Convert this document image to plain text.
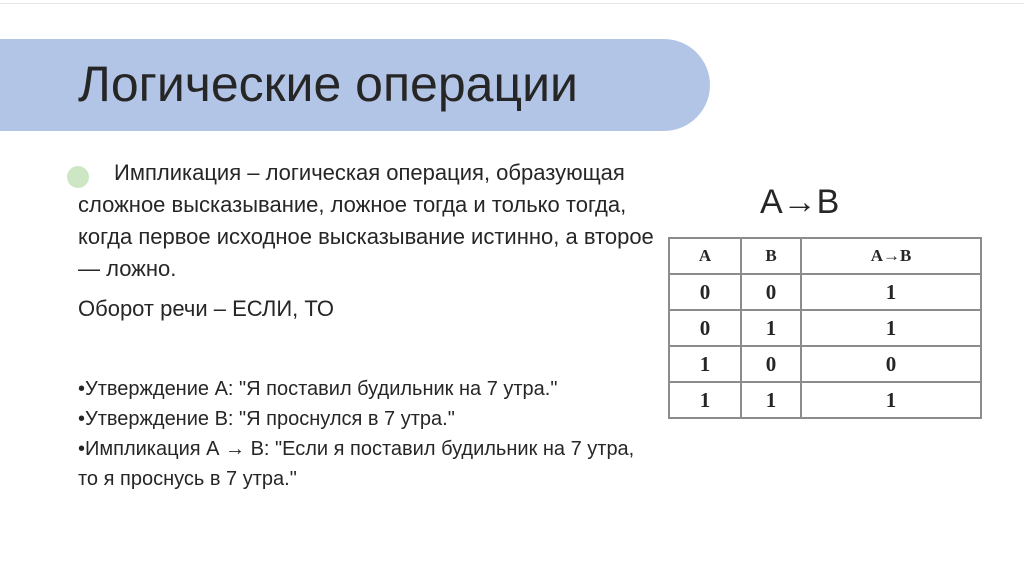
Логические операции

Импликация – логическая операция, образующая сложное высказывание, ложное тогда и только тогда, когда первое исходное высказывание истинно, а второе — ложно.

Оборот речи – ЕСЛИ, ТО

•Утверждение А: "Я поставил будильник на 7 утра."

•Утверждение В: "Я проснулся в 7 утра."

•Импликация А → В: "Если я поставил будильник на 7 утра, то я проснусь в 7 утра."

A→B
A	B	A→B
0	0	1
0	1	1
1	0	0
1	1	1
